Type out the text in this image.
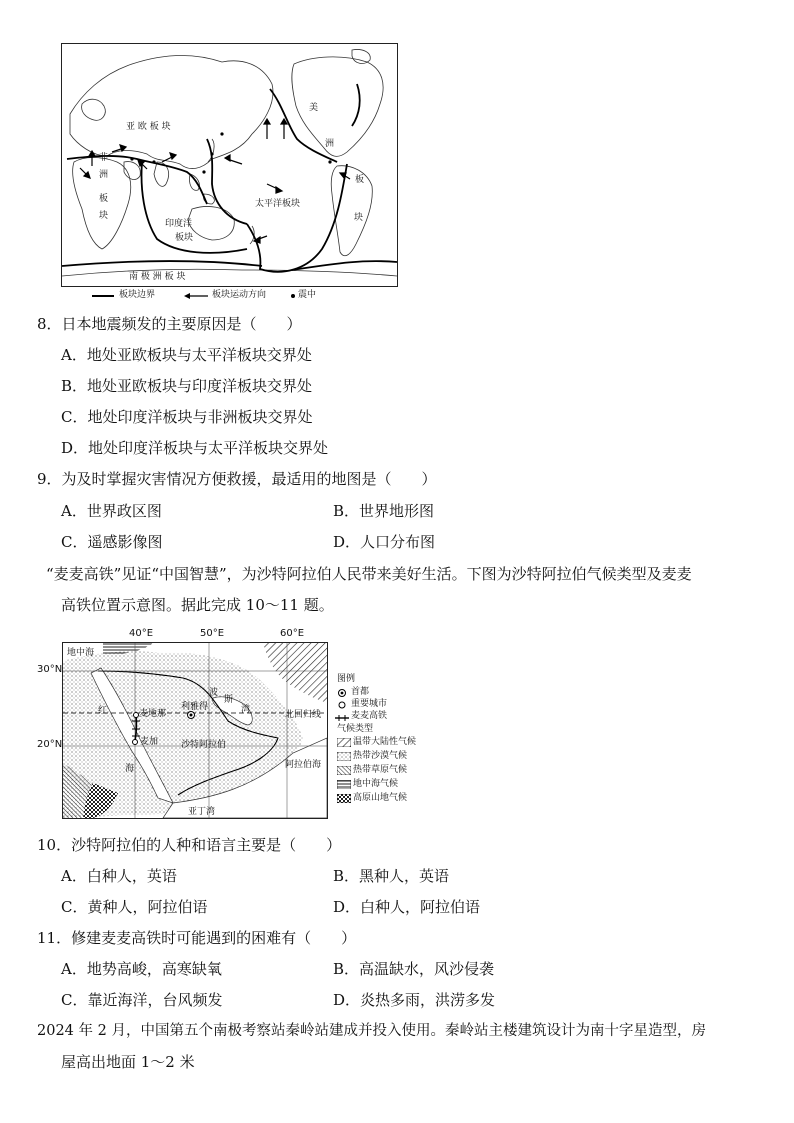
亚 欧 板 块
美
洲
板
块
非
洲
板
块
印度洋
板块
太平洋板块
南 极 洲 板 块
板块边界	板块运动方向	震中
8．日本地震频发的主要原因是（　　）
A．地处亚欧板块与太平洋板块交界处
B．地处亚欧板块与印度洋板块交界处
C．地处印度洋板块与非洲板块交界处
D．地处印度洋板块与太平洋板块交界处
9．为及时掌握灾害情况方便救援，最适用的地图是（　　）
A．世界政区图	B．世界地形图
C．遥感影像图	D．人口分布图
“麦麦高铁”见证“中国智慧”，为沙特阿拉伯人民带来美好生活。下图为沙特阿拉伯气候类型及麦麦
高铁位置示意图。据此完成 10～11 题。
40°E	50°E	60°E
30°N
20°N
地中海
红
海
麦地那
麦加
利雅得
波
斯
湾	北回归线
沙特阿拉伯
阿拉伯海
亚丁湾
图例
首都
重要城市
麦麦高铁
气候类型
温带大陆性气候
热带沙漠气候
热带草原气候
地中海气候
高原山地气候
10．沙特阿拉伯的人种和语言主要是（　　）
A．白种人，英语	B．黑种人，英语
C．黄种人，阿拉伯语	D．白种人，阿拉伯语
11．修建麦麦高铁时可能遇到的困难有（　　）
A．地势高峻，高寒缺氧	B．高温缺水，风沙侵袭
C．靠近海洋，台风频发	D．炎热多雨，洪涝多发
2024 年 2 月，中国第五个南极考察站秦岭站建成并投入使用。秦岭站主楼建筑设计为南十字星造型，房
屋高出地面 1～2 米
